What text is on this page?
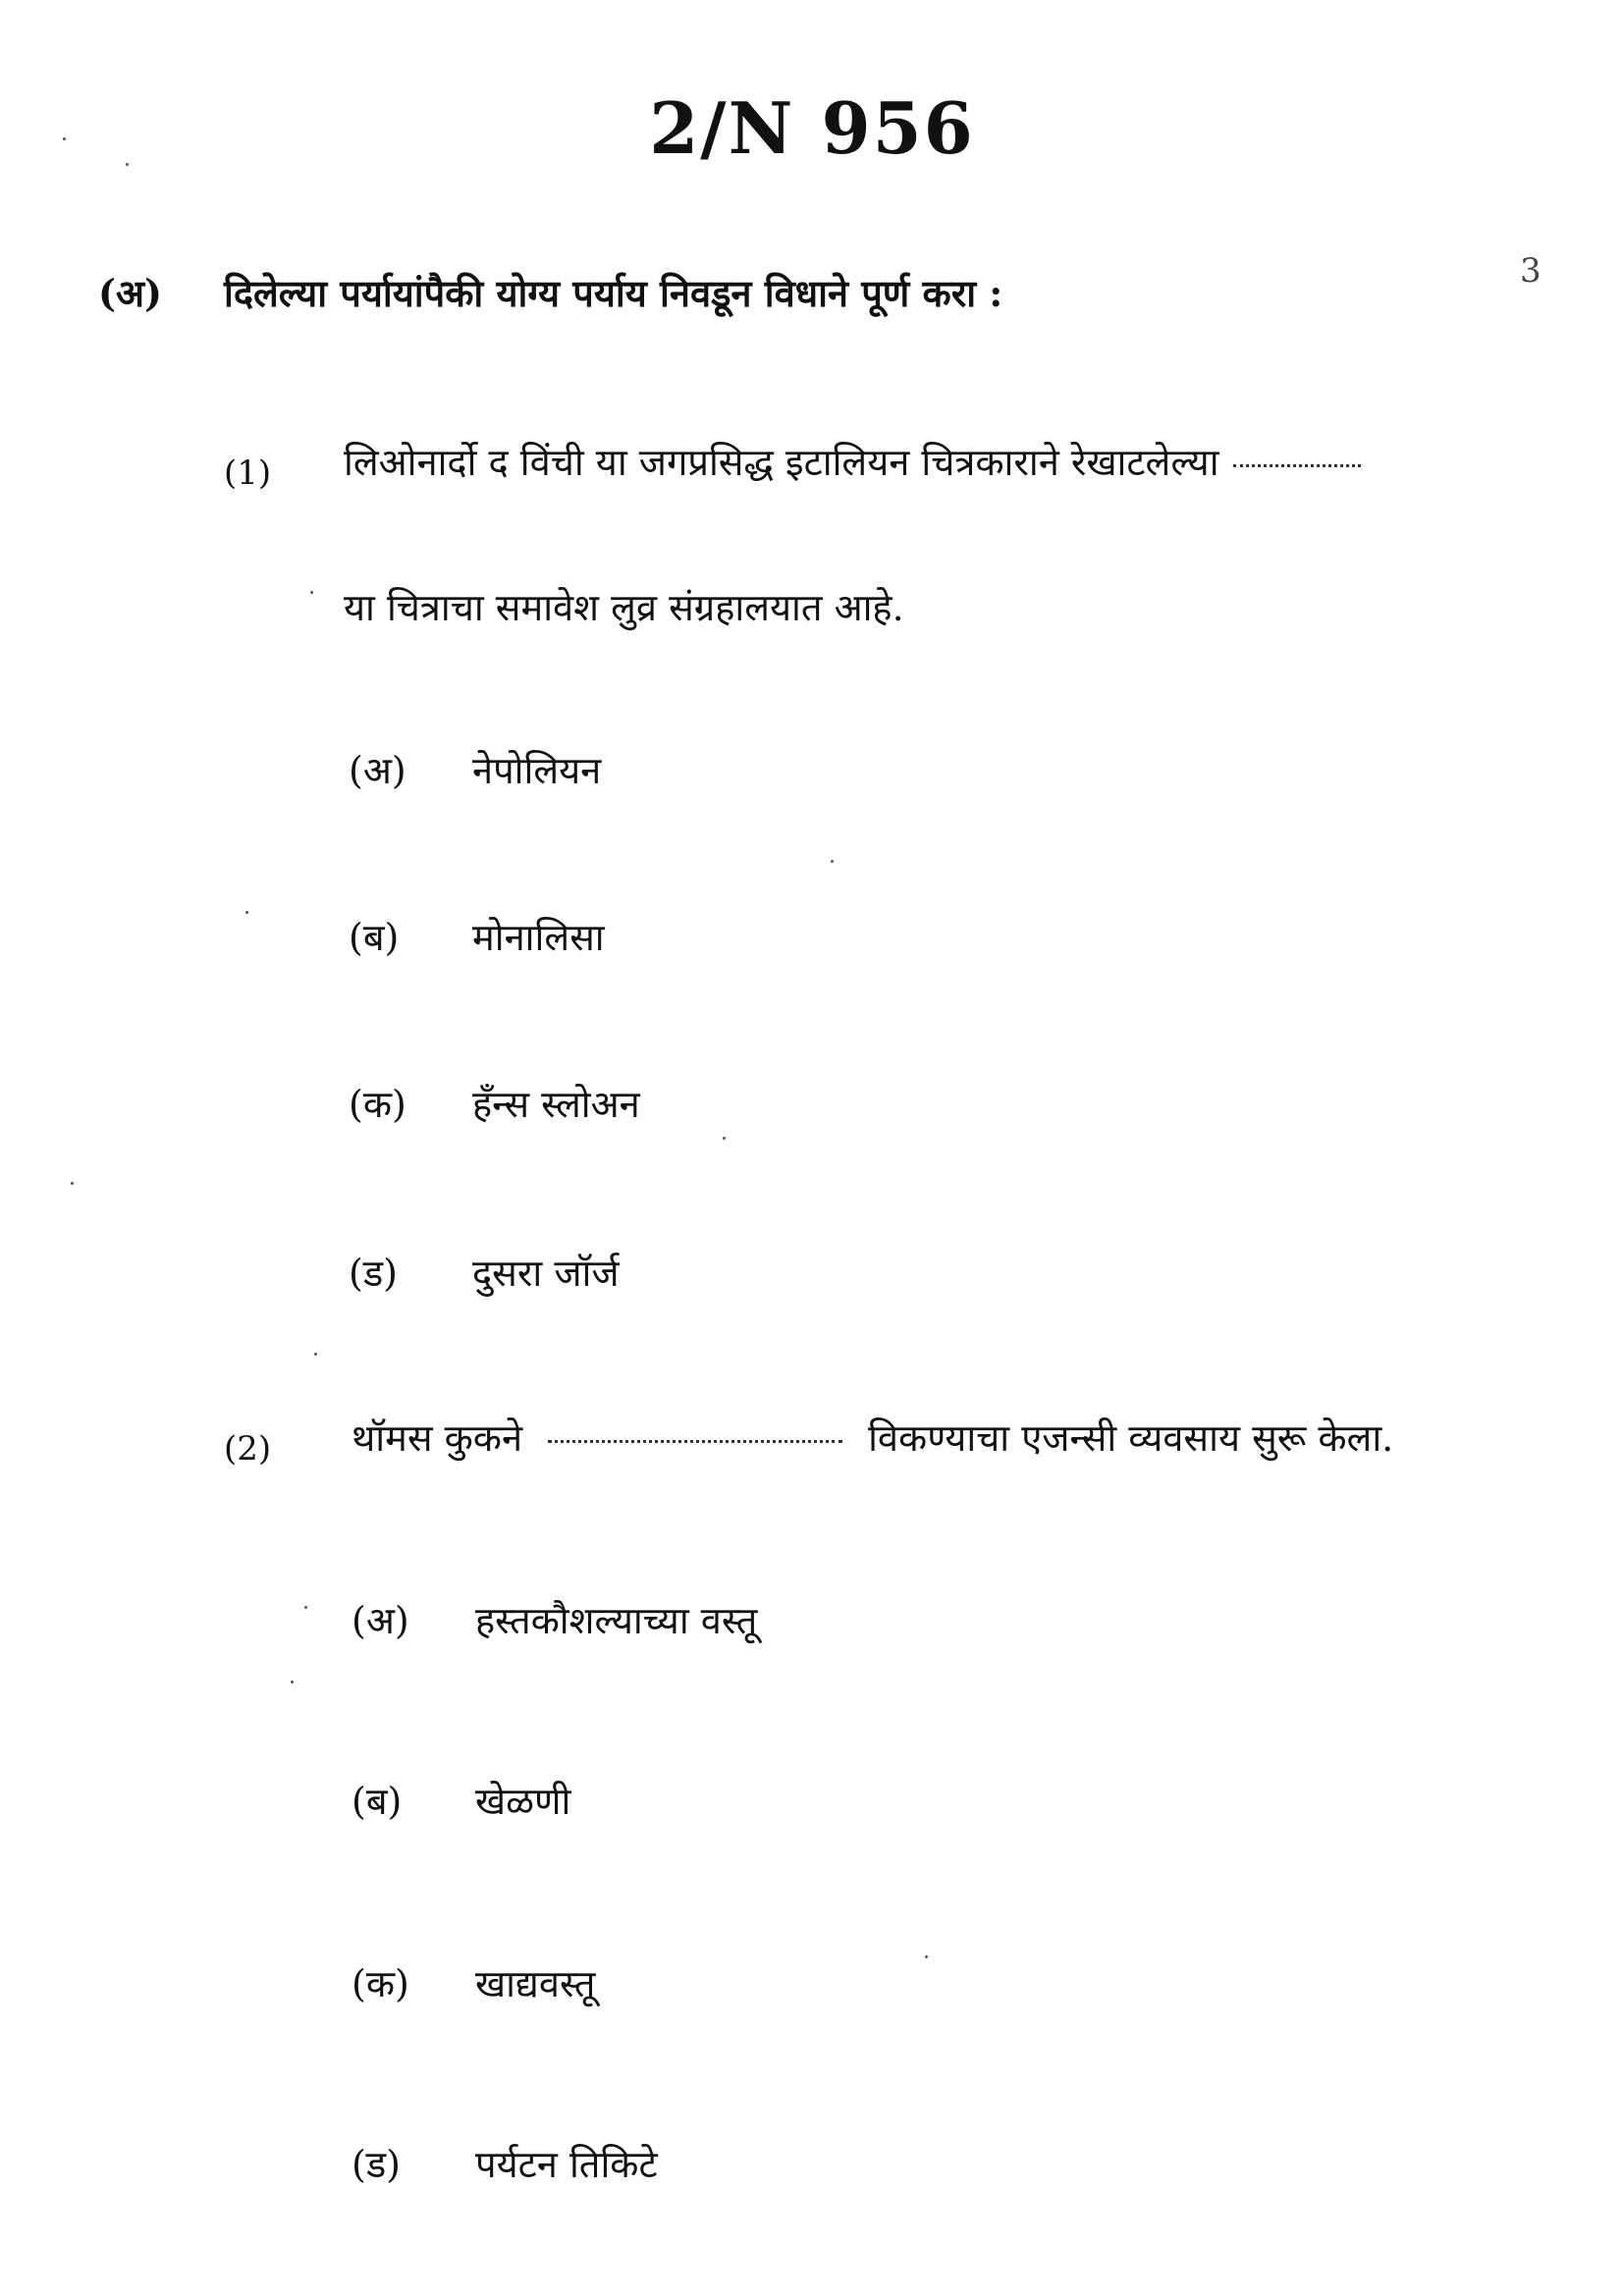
2/N 956
(अ) दिलेल्या पर्यायांपैकी योग्य पर्याय निवडून विधाने पूर्ण करा :	3
(1) लिओनार्दो द विंची या जगप्रसिद्ध इटालियन चित्रकाराने रेखाटलेल्या
या चित्राचा समावेश लुव्र संग्रहालयात आहे.
(अ) नेपोलियन
(ब) मोनालिसा
(क) हँन्स स्लोअन
(ड) दुसरा जॉर्ज
(2) थॉमस कुकने	विकण्याचा एजन्सी व्यवसाय सुरू केला.
(अ) हस्तकौशल्याच्या वस्तू
(ब) खेळणी
(क) खाद्यवस्तू
(ड) पर्यटन तिकिटे
